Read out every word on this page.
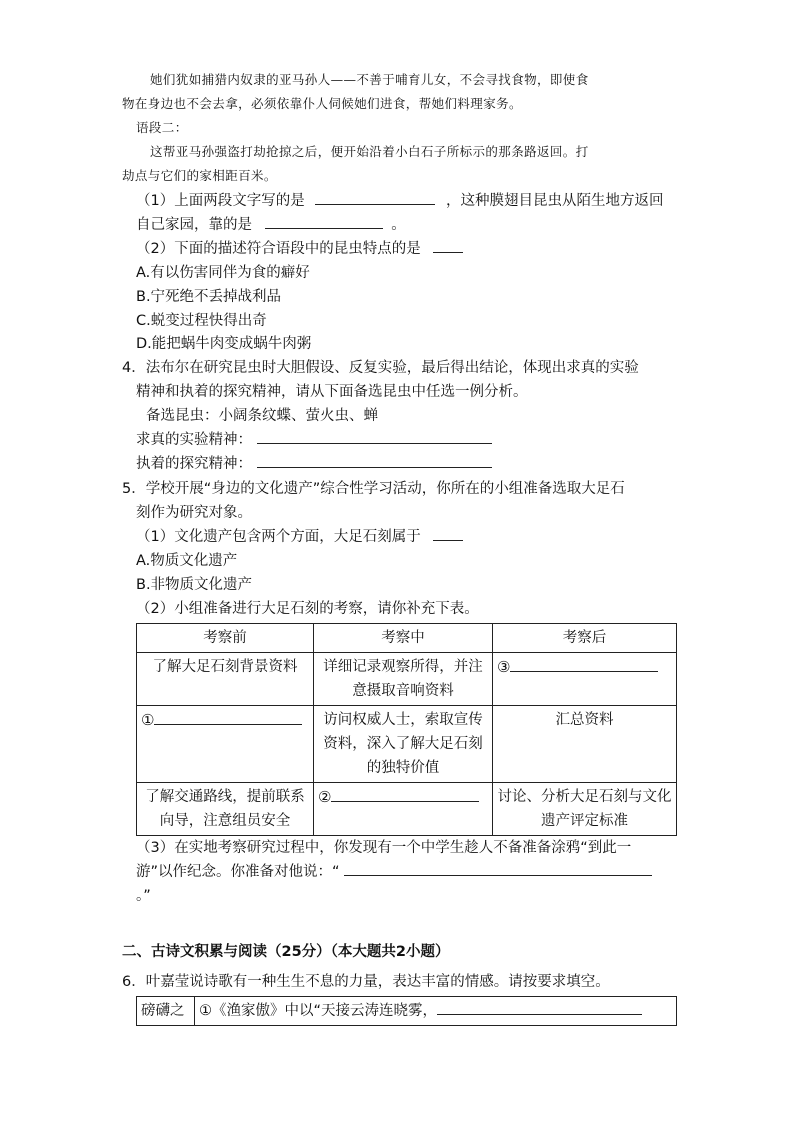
她们犹如捕猎内奴隶的亚马孙人——不善于哺育儿女，不会寻找食物，即使食
物在身边也不会去拿，必须依靠仆人伺候她们进食，帮她们料理家务。
语段二：
这帮亚马孙强盗打劫抢掠之后，便开始沿着小白石子所标示的那条路返回。打
劫点与它们的家相距百米。
（1）上面两段文字写的是	，这种膜翅目昆虫从陌生地方返回
自己家园，靠的是	。
（2）下面的描述符合语段中的昆虫特点的是
A.有以伤害同伴为食的癖好
B.宁死绝不丢掉战利品
C.蜕变过程快得出奇
D.能把蜗牛肉变成蜗牛肉粥
4．法布尔在研究昆虫时大胆假设、反复实验，最后得出结论，体现出求真的实验
精神和执着的探究精神，请从下面备选昆虫中任选一例分析。
备选昆虫：小阔条纹蝶、萤火虫、蝉
求真的实验精神：
执着的探究精神：
5．学校开展“身边的文化遗产”综合性学习活动，你所在的小组准备选取大足石
刻作为研究对象。
（1）文化遗产包含两个方面，大足石刻属于
A.物质文化遗产
B.非物质文化遗产
（2）小组准备进行大足石刻的考察，请你补充下表。
考察前	考察中	考察后
了解大足石刻背景资料	详细记录观察所得，并注意摄取音响资料	③
①	访问权威人士，索取宣传资料，深入了解大足石刻的独特价值	汇总资料
了解交通路线，提前联系向导，注意组员安全	②	讨论、分析大足石刻与文化遗产评定标准
（3）在实地考察研究过程中，你发现有一个中学生趁人不备准备涂鸦“到此一
游”以作纪念。你准备对他说：“
。”
二、古诗文积累与阅读（25分）（本大题共2小题）
6．叶嘉莹说诗歌有一种生生不息的力量，表达丰富的情感。请按要求填空。
磅礴之	①《渔家傲》中以“天接云涛连晓雾，
